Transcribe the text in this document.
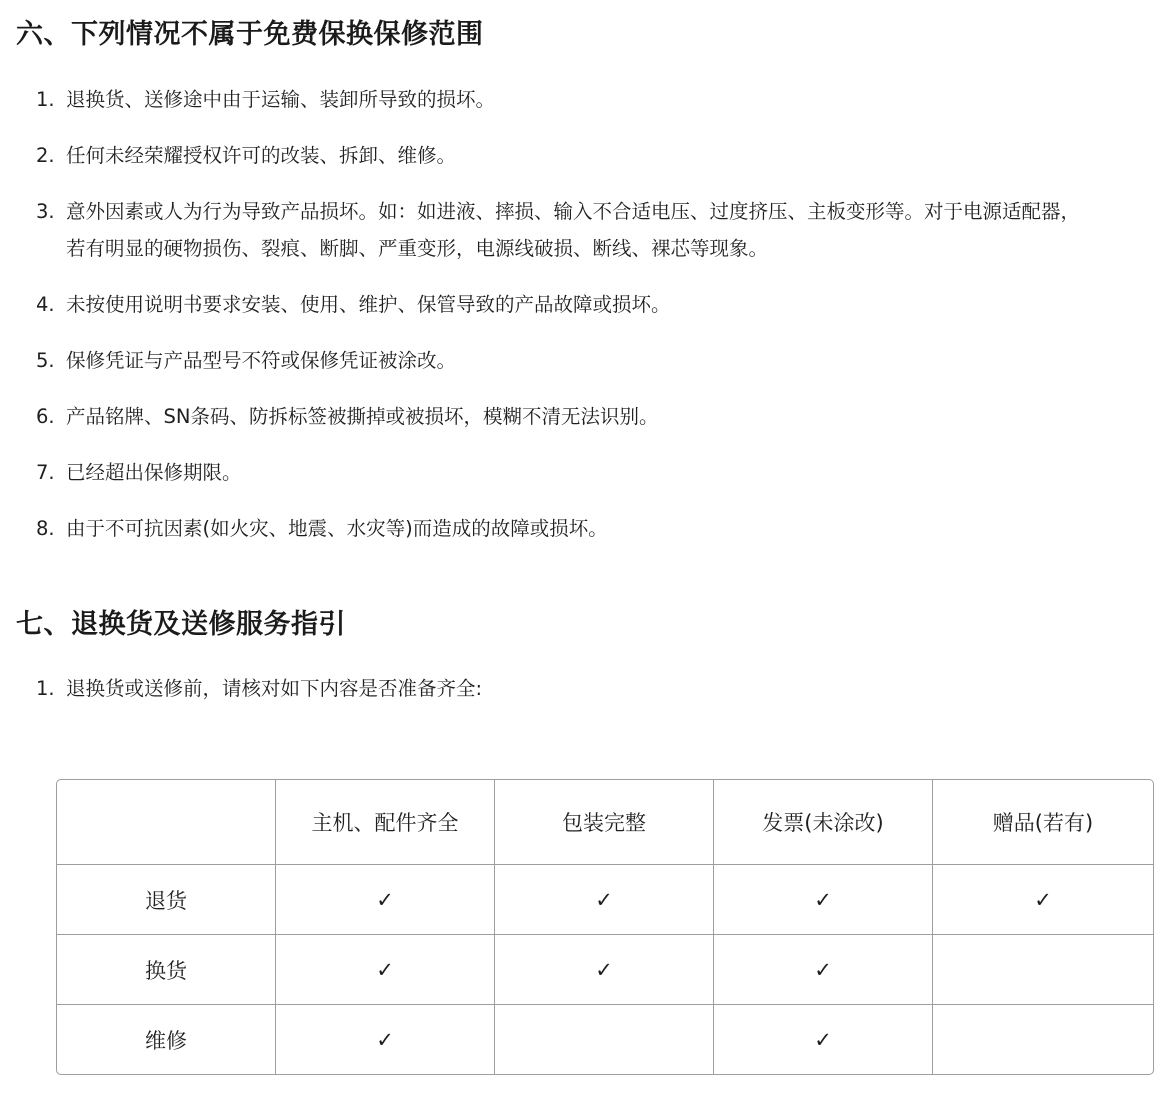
六、下列情况不属于免费保换保修范围
1. 退换货、送修途中由于运输、装卸所导致的损坏。
2. 任何未经荣耀授权许可的改装、拆卸、维修。
3. 意外因素或人为行为导致产品损坏。如：如进液、摔损、输入不合适电压、过度挤压、主板变形等。对于电源适配器，
若有明显的硬物损伤、裂痕、断脚、严重变形，电源线破损、断线、裸芯等现象。
4. 未按使用说明书要求安装、使用、维护、保管导致的产品故障或损坏。
5. 保修凭证与产品型号不符或保修凭证被涂改。
6. 产品铭牌、SN条码、防拆标签被撕掉或被损坏，模糊不清无法识别。
7. 已经超出保修期限。
8. 由于不可抗因素(如火灾、地震、水灾等)而造成的故障或损坏。
七、退换货及送修服务指引
1. 退换货或送修前，请核对如下内容是否准备齐全:
	主机、配件齐全	包装完整	发票(未涂改)	赠品(若有)
退货	✓	✓	✓	✓
换货	✓	✓	✓	
维修	✓		✓	
